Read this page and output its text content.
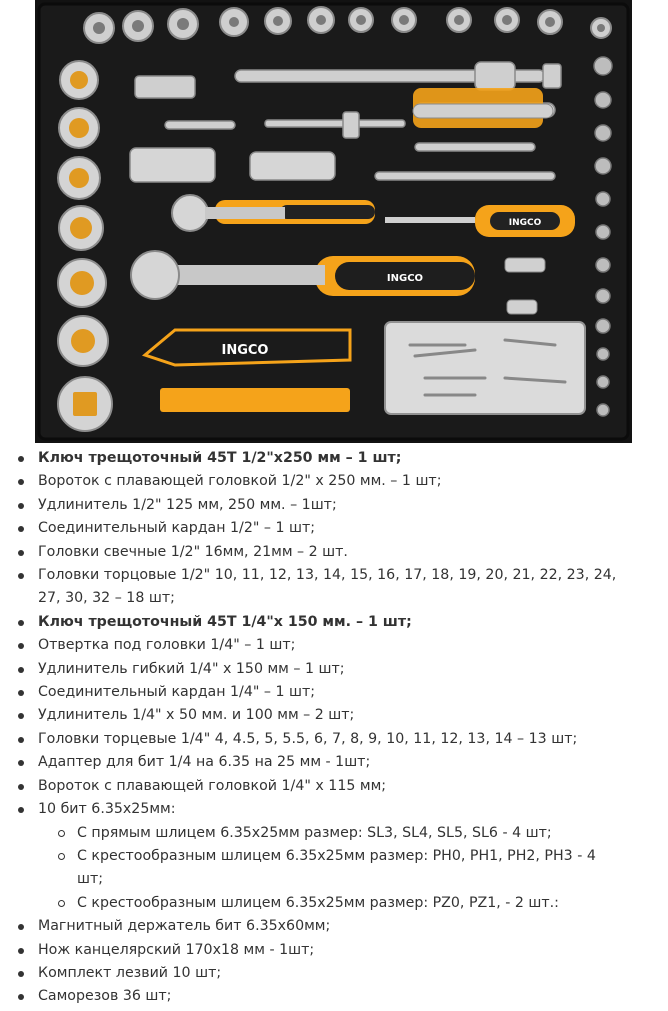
INGCO
INGCO
INGCO
Ключ трещоточный 45T 1/2"x250 мм – 1 шт;
Вороток с плавающей головкой 1/2" x 250 мм. – 1 шт;
Удлинитель 1/2" 125 мм, 250 мм. – 1шт;
Соединительный кардан 1/2" – 1 шт;
Головки свечные 1/2" 16мм, 21мм – 2 шт.
Головки торцовые 1/2" 10, 11, 12, 13, 14, 15, 16, 17, 18, 19, 20, 21, 22, 23, 24,
27, 30, 32 – 18 шт;
Ключ трещоточный 45T 1/4"x 150 мм. – 1 шт;
Отвертка под головки 1/4" – 1 шт;
Удлинитель гибкий 1/4" x 150 мм – 1 шт;
Соединительный кардан 1/4" – 1 шт;
Удлинитель 1/4" x 50 мм. и 100 мм – 2 шт;
Головки торцевые 1/4" 4, 4.5, 5, 5.5, 6, 7, 8, 9, 10, 11, 12, 13, 14 – 13 шт;
Адаптер для бит 1/4 на 6.35 на 25 мм - 1шт;
Вороток с плавающей головкой 1/4" x 115 мм;
10 бит 6.35x25мм:
С прямым шлицем 6.35x25мм размер: SL3, SL4, SL5, SL6 - 4 шт;
С крестообразным шлицем 6.35x25мм размер: PH0, PH1, PH2, PH3 - 4
шт;
С крестообразным шлицем 6.35x25мм размер: PZ0, PZ1, - 2 шт.:
Магнитный держатель бит 6.35x60мм;
Нож канцелярский 170x18 мм - 1шт;
Комплект лезвий 10 шт;
Саморезов 36 шт;
